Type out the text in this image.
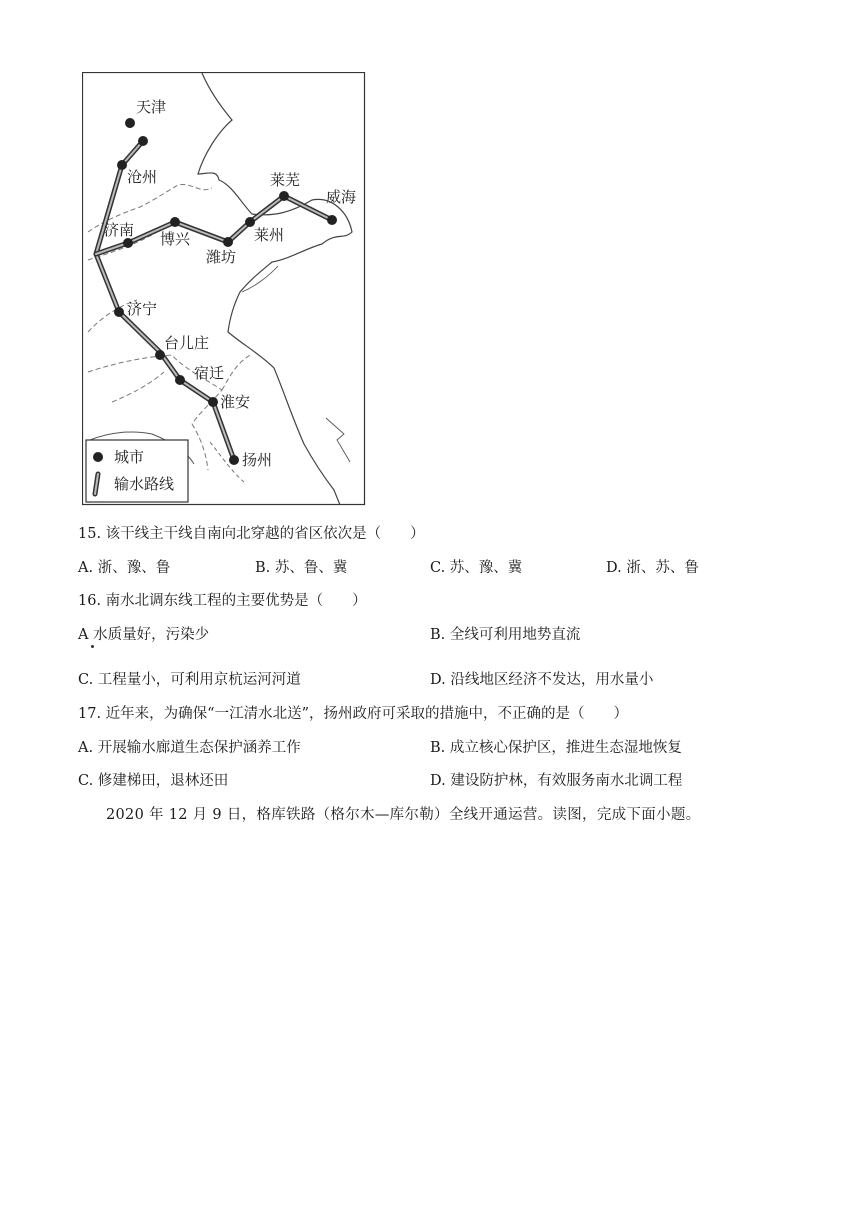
天津
沧州
济南 博兴
潍坊
莱州
莱芜
威海
济宁
台儿庄
宿迁
淮安
扬州
城市
输水路线
15. 该干线主干线自南向北穿越的省区依次是（　　）
A. 浙、豫、鲁	B. 苏、鲁、冀	C. 苏、豫、冀	D. 浙、苏、鲁
16. 南水北调东线工程的主要优势是（　　）
A 水质量好，污染少	B. 全线可利用地势直流
C. 工程量小，可利用京杭运河河道	D. 沿线地区经济不发达，用水量小
17. 近年来，为确保“一江清水北送”，扬州政府可采取的措施中，不正确的是（　　）
A. 开展输水廊道生态保护涵养工作	B. 成立核心保护区，推进生态湿地恢复
C. 修建梯田，退林还田	D. 建设防护林，有效服务南水北调工程
2020 年 12 月 9 日，格库铁路（格尔木—库尔勒）全线开通运营。读图，完成下面小题。
